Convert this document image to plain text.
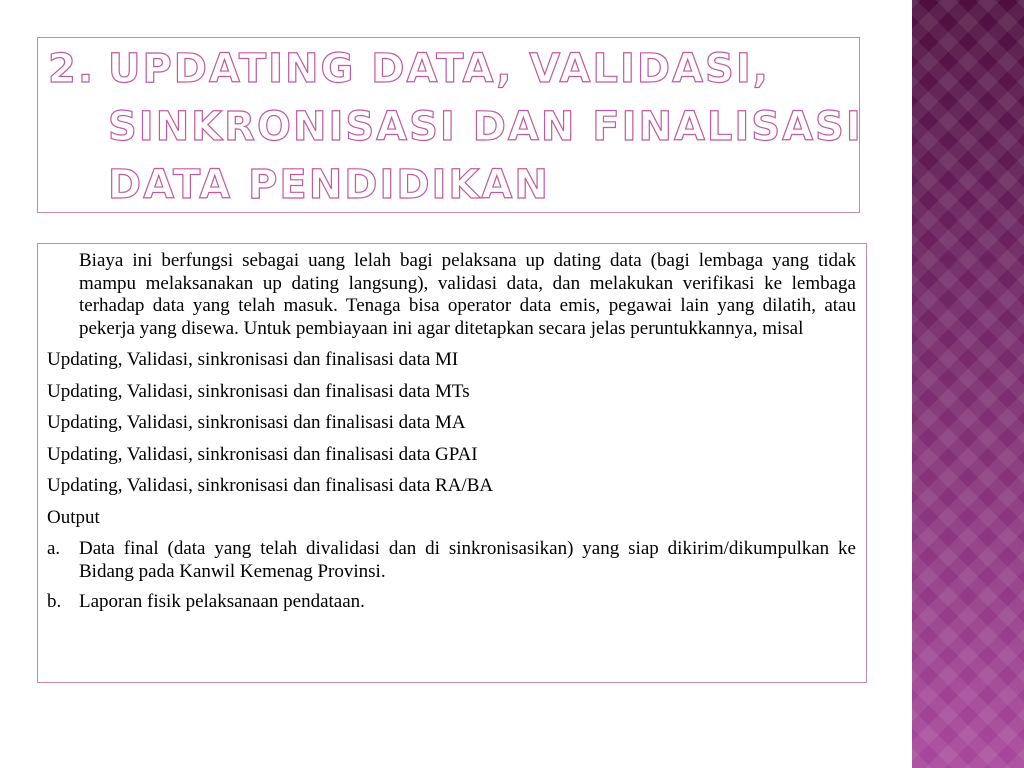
2. UPDATING DATA, VALIDASI,
SINKRONISASI DAN FINALISASI
DATA PENDIDIKAN

Biaya ini berfungsi sebagai uang lelah bagi pelaksana up dating data (bagi lembaga yang tidak mampu melaksanakan up dating langsung), validasi data, dan melakukan verifikasi ke lembaga terhadap data yang telah masuk. Tenaga bisa operator data emis, pegawai lain yang dilatih, atau pekerja yang disewa. Untuk pembiayaan ini agar ditetapkan secara jelas peruntukkannya, misal

Updating, Validasi, sinkronisasi dan finalisasi data MI
Updating, Validasi, sinkronisasi dan finalisasi data MTs
Updating, Validasi, sinkronisasi dan finalisasi data MA
Updating, Validasi, sinkronisasi dan finalisasi data GPAI
Updating, Validasi, sinkronisasi dan finalisasi data RA/BA
Output
a. Data final (data yang telah divalidasi dan di sinkronisasikan) yang siap dikirim/dikumpulkan ke Bidang pada Kanwil Kemenag Provinsi.
b. Laporan fisik pelaksanaan pendataan.
